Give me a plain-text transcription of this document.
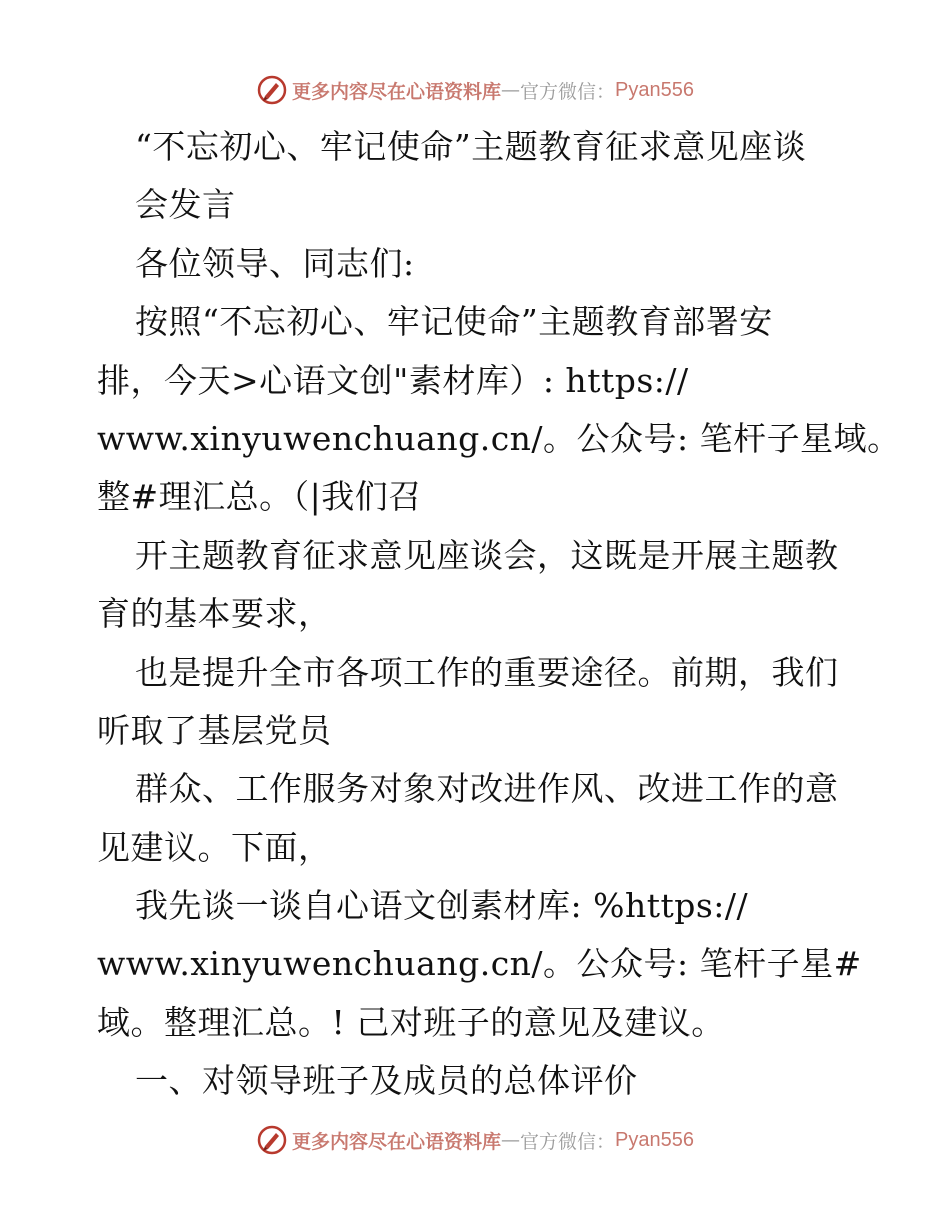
更多内容尽在心语资料库 — 官方微信： Pyan556
“不忘初心、牢记使命”主题教育征求意见座谈
会发言
各位领导、同志们:
按照“不忘初心、牢记使命”主题教育部署安
排，今天>心语文创"素材库）: https://
www.xinyuwenchuang.cn/。公众号: 笔杆子星域。
整#理汇总。（|我们召
开主题教育征求意见座谈会，这既是开展主题教
育的基本要求，
也是提升全市各项工作的重要途径。前期，我们
听取了基层党员
群众、工作服务对象对改进作风、改进工作的意
见建议。下面，
我先谈一谈自心语文创素材库: %https://
www.xinyuwenchuang.cn/。公众号: 笔杆子星#
域。整理汇总。! 己对班子的意见及建议。
一、对领导班子及成员的总体评价
更多内容尽在心语资料库 — 官方微信： Pyan556
